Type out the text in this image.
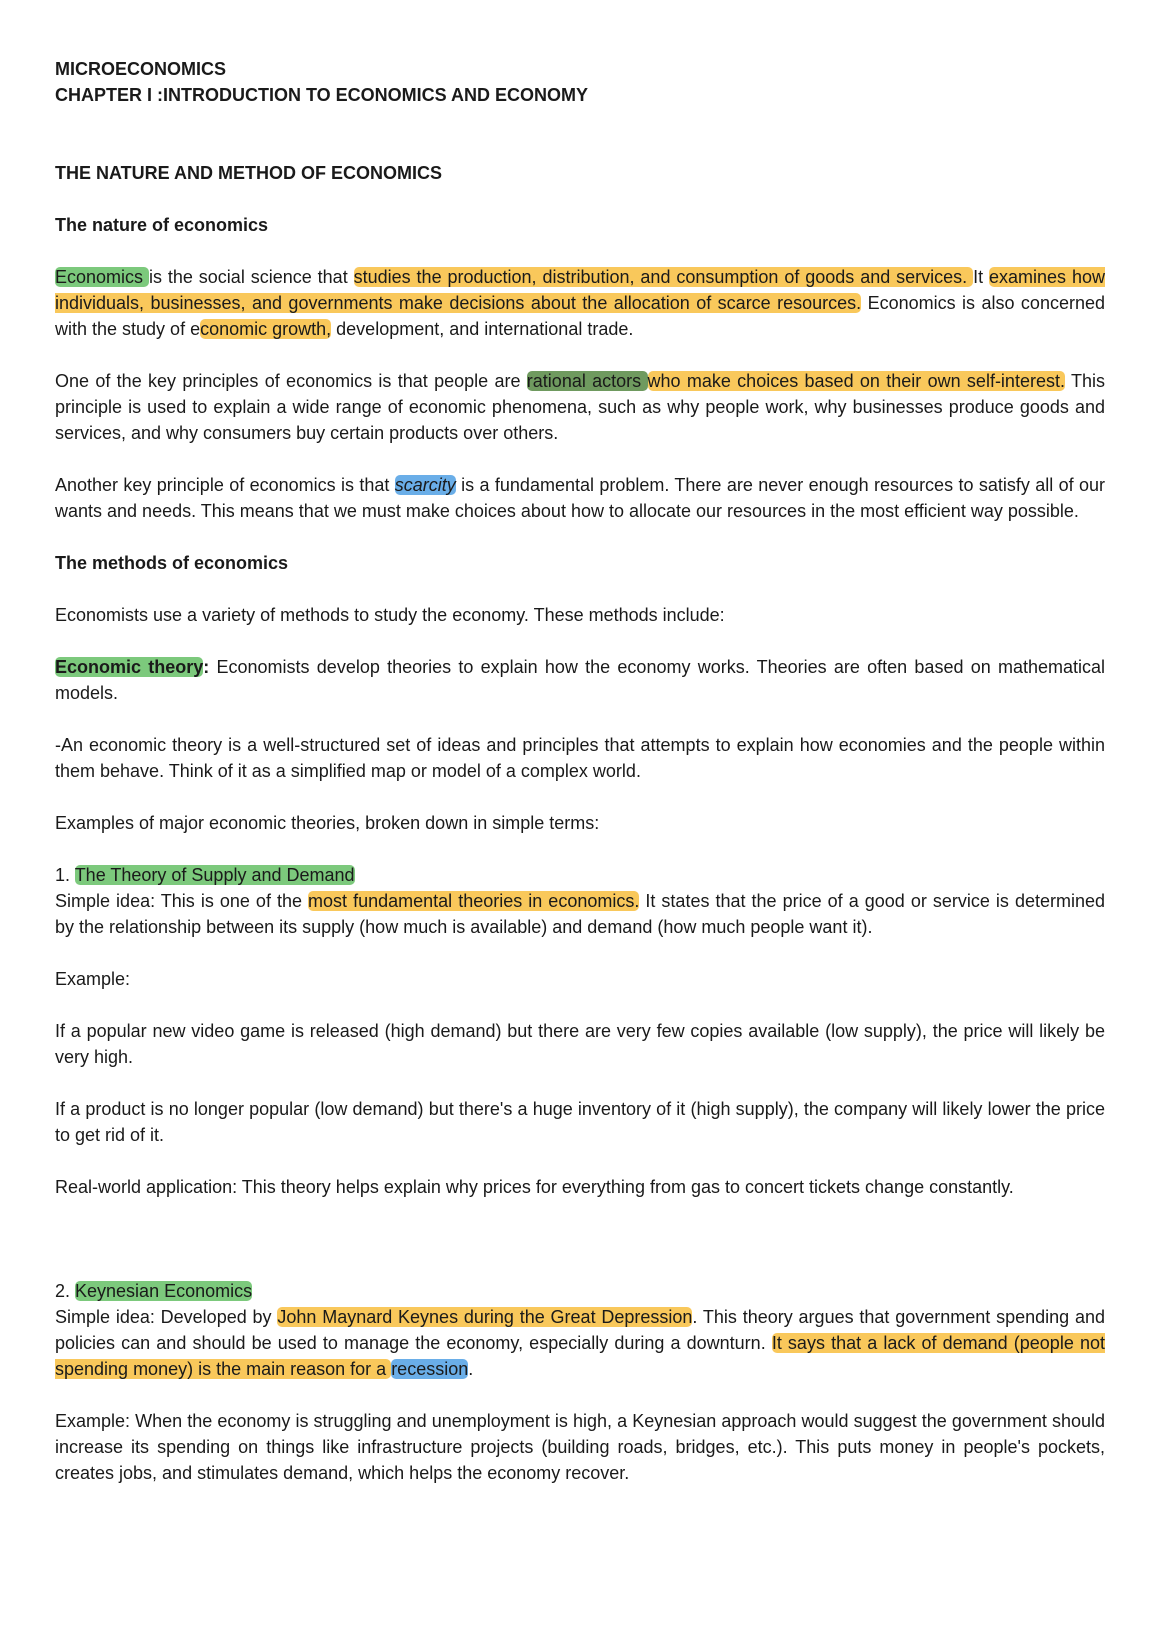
MICROECONOMICS

CHAPTER I :INTRODUCTION TO ECONOMICS AND ECONOMY

THE NATURE AND METHOD OF ECONOMICS

The nature of economics

Economics is the social science that studies the production, distribution, and consumption of goods and services. It examines how individuals, businesses, and governments make decisions about the allocation of scarce resources. Economics is also concerned with the study of economic growth, development, and international trade.

One of the key principles of economics is that people are rational actors who make choices based on their own self-interest. This principle is used to explain a wide range of economic phenomena, such as why people work, why businesses produce goods and services, and why consumers buy certain products over others.

Another key principle of economics is that scarcity is a fundamental problem. There are never enough resources to satisfy all of our wants and needs. This means that we must make choices about how to allocate our resources in the most efficient way possible.

The methods of economics

Economists use a variety of methods to study the economy. These methods include:

Economic theory: Economists develop theories to explain how the economy works. Theories are often based on mathematical models.

-An economic theory is a well-structured set of ideas and principles that attempts to explain how economies and the people within them behave. Think of it as a simplified map or model of a complex world.

Examples of major economic theories, broken down in simple terms:

1. The Theory of Supply and Demand

Simple idea: This is one of the most fundamental theories in economics. It states that the price of a good or service is determined by the relationship between its supply (how much is available) and demand (how much people want it).

Example:

If a popular new video game is released (high demand) but there are very few copies available (low supply), the price will likely be very high.

If a product is no longer popular (low demand) but there's a huge inventory of it (high supply), the company will likely lower the price to get rid of it.

Real-world application: This theory helps explain why prices for everything from gas to concert tickets change constantly.

2. Keynesian Economics

Simple idea: Developed by John Maynard Keynes during the Great Depression. This theory argues that government spending and policies can and should be used to manage the economy, especially during a downturn. It says that a lack of demand (people not spending money) is the main reason for a recession.

Example: When the economy is struggling and unemployment is high, a Keynesian approach would suggest the government should increase its spending on things like infrastructure projects (building roads, bridges, etc.). This puts money in people's pockets, creates jobs, and stimulates demand, which helps the economy recover.
